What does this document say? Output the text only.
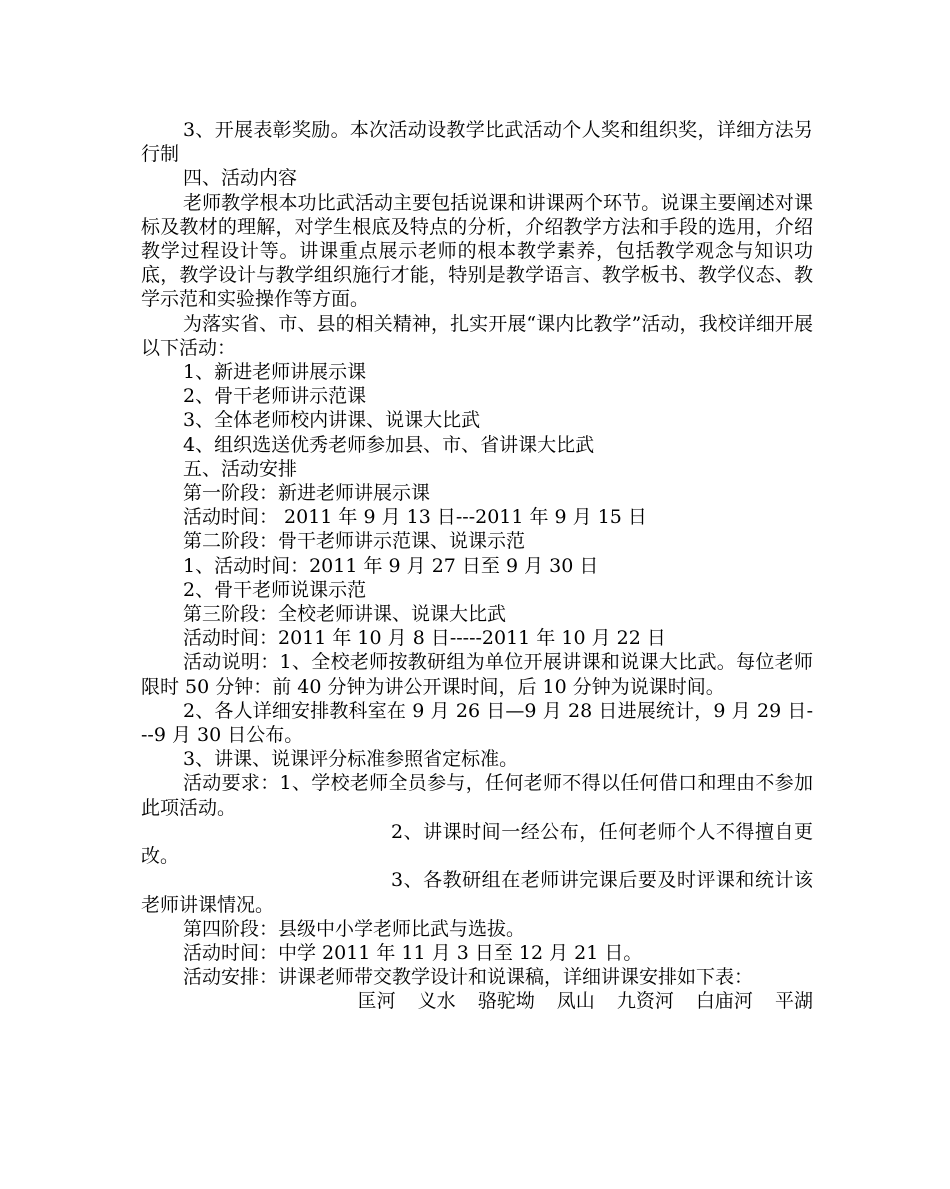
3、开展表彰奖励。本次活动设教学比武活动个人奖和组织奖，详细方法另行制

四、活动内容

老师教学根本功比武活动主要包括说课和讲课两个环节。说课主要阐述对课标及教材的理解，对学生根底及特点的分析，介绍教学方法和手段的选用，介绍教学过程设计等。讲课重点展示老师的根本教学素养，包括教学观念与知识功底，教学设计与教学组织施行才能，特别是教学语言、教学板书、教学仪态、教学示范和实验操作等方面。

为落实省、市、县的相关精神，扎实开展“课内比教学”活动，我校详细开展以下活动：

1、新进老师讲展示课

2、骨干老师讲示范课

3、全体老师校内讲课、说课大比武

4、组织选送优秀老师参加县、市、省讲课大比武

五、活动安排

第一阶段：新进老师讲展示课

活动时间： 2011 年 9 月 13 日---2011 年 9 月 15 日

第二阶段：骨干老师讲示范课、说课示范

1、活动时间：2011 年 9 月 27 日至 9 月 30 日

2、骨干老师说课示范

第三阶段：全校老师讲课、说课大比武

活动时间：2011 年 10 月 8 日-----2011 年 10 月 22 日

活动说明：1、全校老师按教研组为单位开展讲课和说课大比武。每位老师限时 50 分钟：前 40 分钟为讲公开课时间，后 10 分钟为说课时间。

2、各人详细安排教科室在 9 月 26 日—9 月 28 日进展统计，9 月 29 日---9 月 30 日公布。

3、讲课、说课评分标准参照省定标准。

活动要求：1、学校老师全员参与，任何老师不得以任何借口和理由不参加此项活动。

2、讲课时间一经公布，任何老师个人不得擅自更改。

3、各教研组在老师讲完课后要及时评课和统计该老师讲课情况。

第四阶段：县级中小学老师比武与选拔。

活动时间：中学 2011 年 11 月 3 日至 12 月 21 日。

活动安排：讲课老师带交教学设计和说课稿，详细讲课安排如下表：

匡河 义水 骆驼坳 凤山 九资河 白庙河 平湖
